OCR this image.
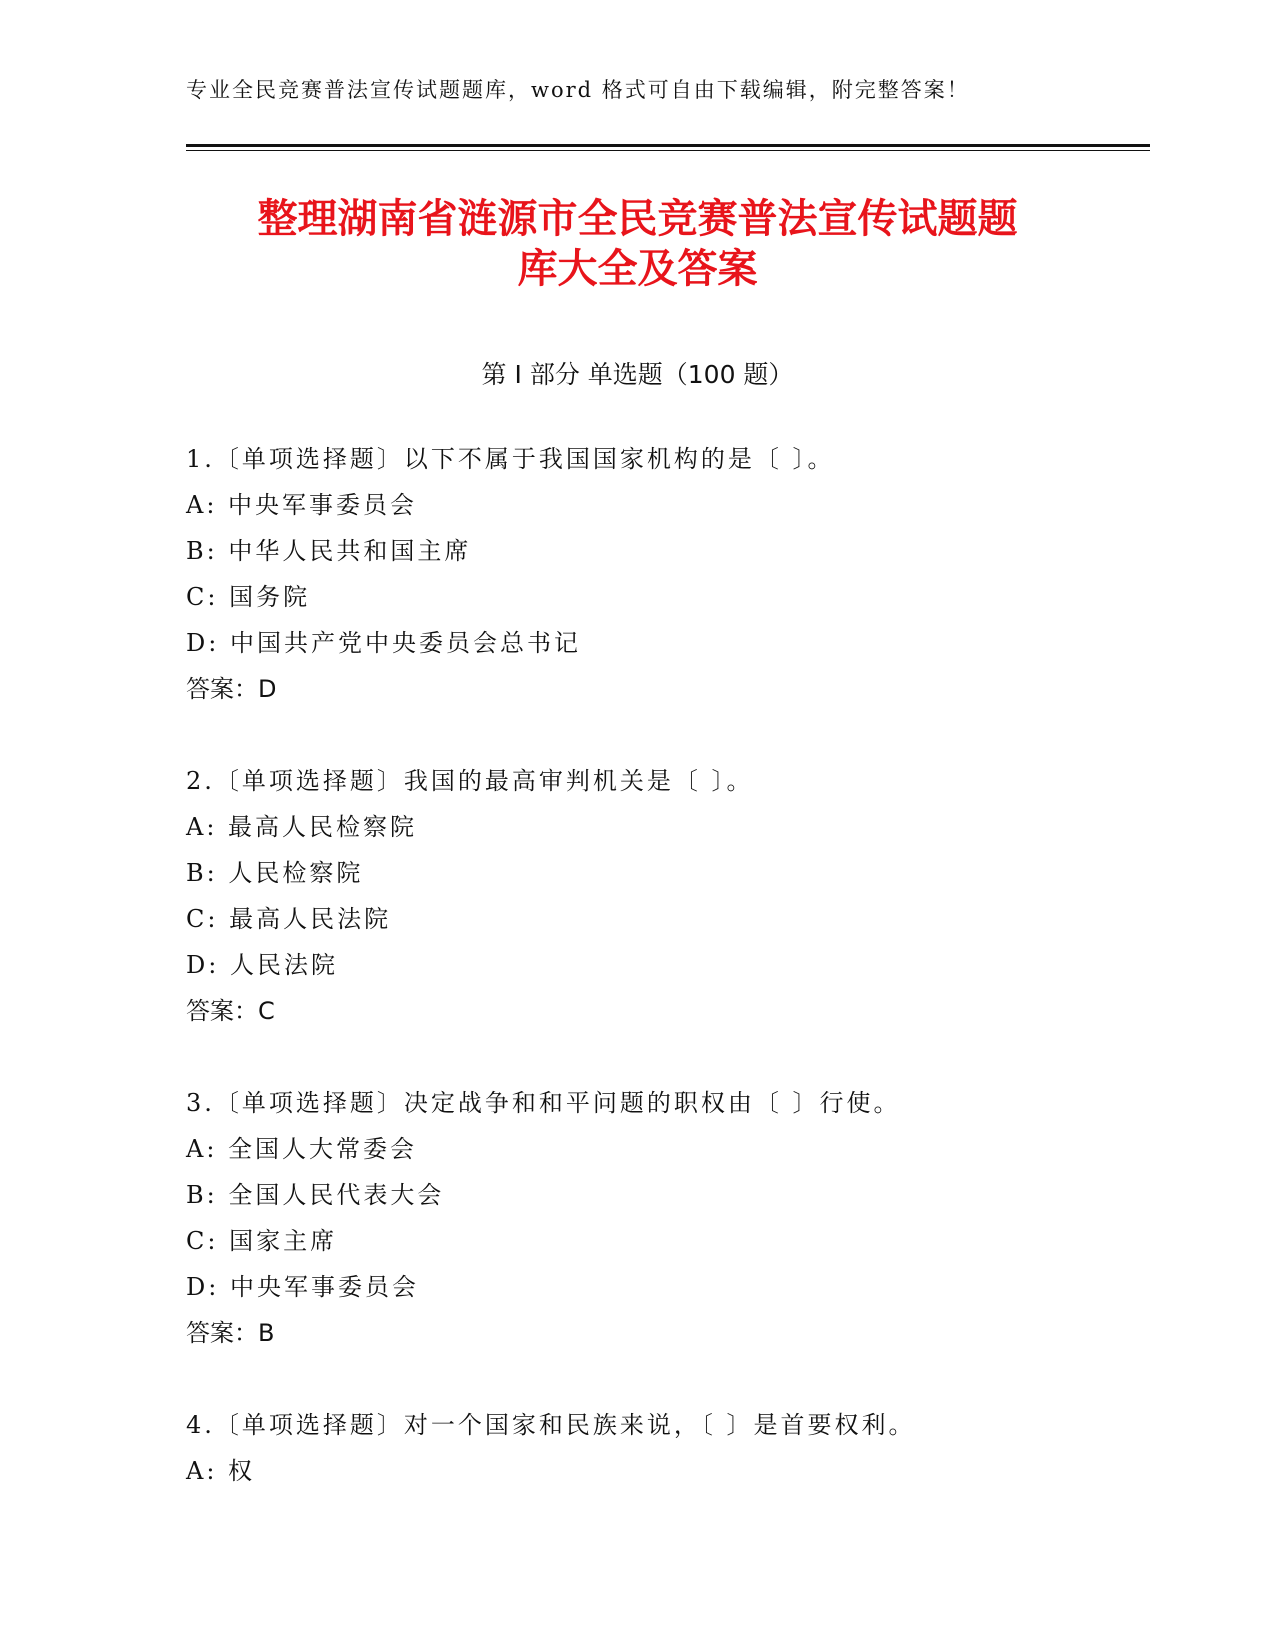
专业全民竞赛普法宣传试题题库，word 格式可自由下载编辑，附完整答案！
整理湖南省涟源市全民竞赛普法宣传试题题
库大全及答案
第 I 部分 单选题（100 题）
1.〔单项选择题〕以下不属于我国国家机构的是〔 〕。
A: 中央军事委员会
B: 中华人民共和国主席
C: 国务院
D: 中国共产党中央委员会总书记
答案：D
2.〔单项选择题〕我国的最高审判机关是〔 〕。
A: 最高人民检察院
B: 人民检察院
C: 最高人民法院
D: 人民法院
答案：C
3.〔单项选择题〕决定战争和和平问题的职权由〔 〕行使。
A: 全国人大常委会
B: 全国人民代表大会
C: 国家主席
D: 中央军事委员会
答案：B
4.〔单项选择题〕对一个国家和民族来说，〔 〕是首要权利。
A: 权
